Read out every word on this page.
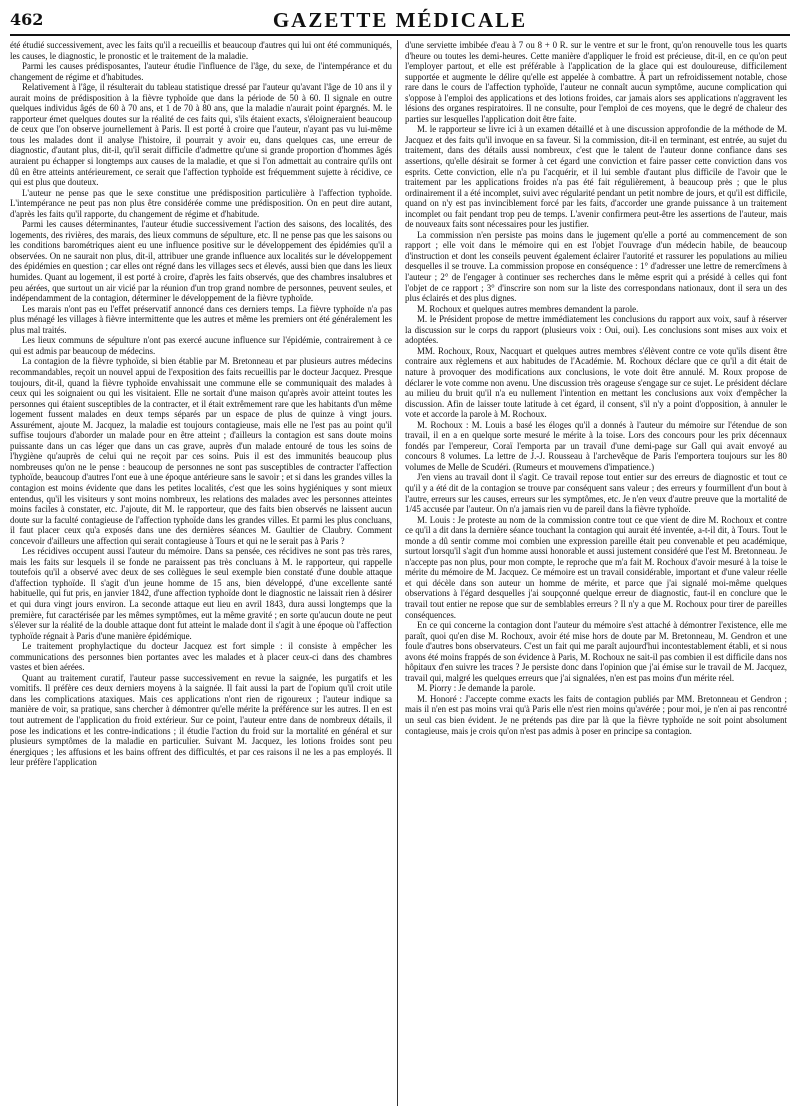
462	GAZETTE MÉDICALE

été étudié successivement, avec les faits qu'il a recueillis et beaucoup d'autres qui lui ont été communiqués, les causes, le diagnostic, le pronostic et le traitement de la maladie.

Parmi les causes prédisposantes, l'auteur étudie l'influence de l'âge, du sexe, de l'intempérance et du changement de régime et d'habitudes.

Relativement à l'âge, il résulterait du tableau statistique dressé par l'auteur qu'avant l'âge de 10 ans il y aurait moins de prédisposition à la fièvre typhoïde que dans la période de 50 à 60. Il signale en outre quelques individus âgés de 60 à 70 ans, et 1 de 70 à 80 ans, que la maladie n'aurait point épargnés. M. le rapporteur émet quelques doutes sur la réalité de ces faits qui, s'ils étaient exacts, s'éloigneraient beaucoup de ceux que l'on observe journellement à Paris. Il est porté à croire que l'auteur, n'ayant pas vu lui-même tous les malades dont il analyse l'histoire, il pourrait y avoir eu, dans quelques cas, une erreur de diagnostic, d'autant plus, dit-il, qu'il serait difficile d'admettre qu'une si grande proportion d'hommes âgés auraient pu échapper si longtemps aux causes de la maladie, et que si l'on admettait au contraire qu'ils ont dû en être atteints antérieurement, ce serait que l'affection typhoïde est fréquemment sujette à récidive, ce qui est plus que douteux.

L'auteur ne pense pas que le sexe constitue une prédisposition particulière à l'affection typhoïde. L'intempérance ne peut pas non plus être considérée comme une prédisposition. On en peut dire autant, d'après les faits qu'il rapporte, du changement de régime et d'habitude.

Parmi les causes déterminantes, l'auteur étudie successivement l'action des saisons, des localités, des logements, des rivières, des marais, des lieux communs de sépulture, etc. Il ne pense pas que les saisons ou les conditions barométriques aient eu une influence positive sur le développement des épidémies qu'il a observées. On ne saurait non plus, dit-il, attribuer une grande influence aux localités sur le développement des épidémies en question ; car elles ont régné dans les villages secs et élevés, aussi bien que dans les lieux humides. Quant au logement, il est porté à croire, d'après les faits observés, que des chambres insalubres et peu aérées, que surtout un air vicié par la réunion d'un trop grand nombre de personnes, peuvent seules, et indépendamment de la contagion, déterminer le développement de la fièvre typhoïde.

Les marais n'ont pas eu l'effet préservatif annoncé dans ces derniers temps. La fièvre typhoïde n'a pas plus ménagé les villages à fièvre intermittente que les autres et même les premiers ont été généralement les plus mal traités.

Les lieux communs de sépulture n'ont pas exercé aucune influence sur l'épidémie, contrairement à ce qui est admis par beaucoup de médecins.

La contagion de la fièvre typhoïde, si bien établie par M. Bretonneau et par plusieurs autres médecins recommandables, reçoit un nouvel appui de l'exposition des faits recueillis par le docteur Jacquez. Presque toujours, dit-il, quand la fièvre typhoïde envahissait une commune elle se communiquait des malades à ceux qui les soignaient ou qui les visitaient. Elle ne sortait d'une maison qu'après avoir atteint toutes les personnes qui étaient susceptibles de la contracter, et il était extrêmement rare que les habitants d'un même logement fussent malades en deux temps séparés par un espace de plus de quinze à vingt jours. Assurément, ajoute M. Jacquez, la maladie est toujours contagieuse, mais elle ne l'est pas au point qu'il suffise toujours d'aborder un malade pour en être atteint ; d'ailleurs la contagion est sans doute moins puissante dans un cas léger que dans un cas grave, auprès d'un malade entouré de tous les soins de l'hygiène qu'auprès de celui qui ne reçoit par ces soins. Puis il est des immunités beaucoup plus nombreuses qu'on ne le pense : beaucoup de personnes ne sont pas susceptibles de contracter l'affection typhoïde, beaucoup d'autres l'ont eue à une époque antérieure sans le savoir ; et si dans les grandes villes la contagion est moins évidente que dans les petites localités, c'est que les soins hygiéniques y sont mieux entendus, qu'il les visiteurs y sont moins nombreux, les relations des malades avec les personnes atteintes moins faciles à constater, etc. J'ajoute, dit M. le rapporteur, que des faits bien observés ne laissent aucun doute sur la faculté contagieuse de l'affection typhoïde dans les grandes villes. Et parmi les plus concluans, il faut placer ceux qu'a exposés dans une des dernières séances M. Gaultier de Claubry. Comment concevoir d'ailleurs une affection qui serait contagieuse à Tours et qui ne le serait pas à Paris ?

Les récidives occupent aussi l'auteur du mémoire. Dans sa pensée, ces récidives ne sont pas très rares, mais les faits sur lesquels il se fonde ne paraissent pas très concluans à M. le rapporteur, qui rappelle toutefois qu'il a observé avec deux de ses collègues le seul exemple bien constaté d'une double attaque d'affection typhoïde. Il s'agit d'un jeune homme de 15 ans, bien développé, d'une excellente santé habituelle, qui fut pris, en janvier 1842, d'une affection typhoïde dont le diagnostic ne laissait rien à désirer et qui dura vingt jours environ. La seconde attaque eut lieu en avril 1843, dura aussi longtemps que la première, fut caractérisée par les mêmes symptômes, eut la même gravité ; en sorte qu'aucun doute ne peut s'élever sur la réalité de la double attaque dont fut atteint le malade dont il s'agit à une époque où l'affection typhoïde régnait à Paris d'une manière épidémique.

Le traitement prophylactique du docteur Jacquez est fort simple : il consiste à empêcher les communications des personnes bien portantes avec les malades et à placer ceux-ci dans des chambres vastes et bien aérées.

Quant au traitement curatif, l'auteur passe successivement en revue la saignée, les purgatifs et les vomitifs. Il préfère ces deux derniers moyens à la saignée. Il fait aussi la part de l'opium qu'il croit utile dans les complications ataxiques. Mais ces applications n'ont rien de rigoureux ; l'auteur indique sa manière de voir, sa pratique, sans chercher à démontrer qu'elle mérite la préférence sur les autres. Il en est tout autrement de l'application du froid extérieur. Sur ce point, l'auteur entre dans de nombreux détails, il pose les indications et les contre-indications ; il étudie l'action du froid sur la mortalité en général et sur plusieurs symptômes de la maladie en particulier. Suivant M. Jacquez, les lotions froides sont peu énergiques ; les affusions et les bains offrent des difficultés, et par ces raisons il ne les a pas employés. Il leur préfère l'application

d'une serviette imbibée d'eau à 7 ou 8 + 0 R. sur le ventre et sur le front, qu'on renouvelle tous les quarts d'heure ou toutes les demi-heures. Cette manière d'appliquer le froid est précieuse, dit-il, en ce qu'on peut l'employer partout, et elle est préférable à l'application de la glace qui est douloureuse, difficilement supportée et augmente le délire qu'elle est appelée à combattre. À part un refroidissement notable, chose rare dans le cours de l'affection typhoïde, l'auteur ne connaît aucun symptôme, aucune complication qui s'oppose à l'emploi des applications et des lotions froides, car jamais alors ses applications n'aggravent les lésions des organes respiratoires. Il ne consulte, pour l'emploi de ces moyens, que le degré de chaleur des parties sur lesquelles l'application doit être faite.

M. le rapporteur se livre ici à un examen détaillé et à une discussion approfondie de la méthode de M. Jacquez et des faits qu'il invoque en sa faveur. Si la commission, dit-il en terminant, est entrée, au sujet du traitement, dans des détails aussi nombreux, c'est que le talent de l'auteur donne confiance dans ses assertions, qu'elle désirait se former à cet égard une conviction et faire passer cette conviction dans vos esprits. Cette conviction, elle n'a pu l'acquérir, et il lui semble d'autant plus difficile de l'avoir que le traitement par les applications froides n'a pas été fait régulièrement, à beaucoup près ; que le plus ordinairement il a été incomplet, suivi avec régularité pendant un petit nombre de jours, et qu'il est difficile, quand on n'y est pas invinciblement forcé par les faits, d'accorder une grande puissance à un traitement incomplet ou fait pendant trop peu de temps. L'avenir confirmera peut-être les assertions de l'auteur, mais de nouveaux faits sont nécessaires pour les justifier.

La commission n'en persiste pas moins dans le jugement qu'elle a porté au commencement de son rapport ; elle voit dans le mémoire qui en est l'objet l'ouvrage d'un médecin habile, de beaucoup d'instruction et dont les conseils peuvent également éclairer l'autorité et rassurer les populations au milieu desquelles il se trouve. La commission propose en conséquence : 1° d'adresser une lettre de remercîmens à l'auteur ; 2° de l'engager à continuer ses recherches dans le même esprit qui a présidé à celles qui font l'objet de ce rapport ; 3° d'inscrire son nom sur la liste des correspondans nationaux, dont il sera un des plus éclairés et des plus dignes.

M. Rochoux et quelques autres membres demandent la parole.

M. le Président propose de mettre immédiatement les conclusions du rapport aux voix, sauf à réserver la discussion sur le corps du rapport (plusieurs voix : Oui, oui). Les conclusions sont mises aux voix et adoptées.

MM. Rochoux, Roux, Nacquart et quelques autres membres s'élèvent contre ce vote qu'ils disent être contraire aux règlemens et aux habitudes de l'Académie. M. Rochoux déclare que ce qu'il a dit était de nature à provoquer des modifications aux conclusions, le vote doit être annulé. M. Roux propose de déclarer le vote comme non avenu. Une discussion très orageuse s'engage sur ce sujet. Le président déclare au milieu du bruit qu'il n'a eu nullement l'intention en mettant les conclusions aux voix d'empêcher la discussion. Afin de laisser toute latitude à cet égard, il consent, s'il n'y a point d'opposition, à annuler le vote et accorde la parole à M. Rochoux.

M. Rochoux : M. Louis a basé les éloges qu'il a donnés à l'auteur du mémoire sur l'étendue de son travail, il en a en quelque sorte mesuré le mérite à la toise. Lors des concours pour les prix décennaux fondés par l'empereur, Coraï l'emporta par un travail d'une demi-page sur Gall qui avait envoyé au concours 8 volumes. La lettre de J.-J. Rousseau à l'archevêque de Paris l'emportera toujours sur les 80 volumes de Melle de Scudéri. (Rumeurs et mouvemens d'impatience.)

J'en viens au travail dont il s'agit. Ce travail repose tout entier sur des erreurs de diagnostic et tout ce qu'il y a été dit de la contagion se trouve par conséquent sans valeur ; des erreurs y fourmillent d'un bout à l'autre, erreurs sur les causes, erreurs sur les symptômes, etc. Je n'en veux d'autre preuve que la mortalité de 1/45 accusée par l'auteur. On n'a jamais rien vu de pareil dans la fièvre typhoïde.

M. Louis : Je proteste au nom de la commission contre tout ce que vient de dire M. Rochoux et contre ce qu'il a dit dans la dernière séance touchant la contagion qui aurait été inventée, a-t-il dit, à Tours. Tout le monde a dû sentir comme moi combien une expression pareille était peu convenable et peu académique, surtout lorsqu'il s'agit d'un homme aussi honorable et aussi justement considéré que l'est M. Bretonneau. Je n'accepte pas non plus, pour mon compte, le reproche que m'a fait M. Rochoux d'avoir mesuré à la toise le mérite du mémoire de M. Jacquez. Ce mémoire est un travail considérable, important et d'une valeur réelle et qui décèle dans son auteur un homme de mérite, et parce que j'ai signalé moi-même quelques observations à l'égard desquelles j'ai soupçonné quelque erreur de diagnostic, faut-il en conclure que le travail tout entier ne repose que sur de semblables erreurs ? Il n'y a que M. Rochoux pour tirer de pareilles conséquences.

En ce qui concerne la contagion dont l'auteur du mémoire s'est attaché à démontrer l'existence, elle me paraît, quoi qu'en dise M. Rochoux, avoir été mise hors de doute par M. Bretonneau, M. Gendron et une foule d'autres bons observateurs. C'est un fait qui me paraît aujourd'hui incontestablement établi, et si nous avons été moins frappés de son évidence à Paris, M. Rochoux ne sait-il pas combien il est difficile dans nos hôpitaux d'en suivre les traces ? Je persiste donc dans l'opinion que j'ai émise sur le travail de M. Jacquez, travail qui, malgré les quelques erreurs que j'ai signalées, n'en est pas moins d'un mérite réel.

M. Piorry : Je demande la parole.

M. Honoré : J'accepte comme exacts les faits de contagion publiés par MM. Bretonneau et Gendron ; mais il n'en est pas moins vrai qu'à Paris elle n'est rien moins qu'avérée ; pour moi, je n'en ai pas rencontré un seul cas bien évident. Je ne prétends pas dire par là que la fièvre typhoïde ne soit point absolument contagieuse, mais je crois qu'on n'est pas admis à poser en principe sa contagion.
